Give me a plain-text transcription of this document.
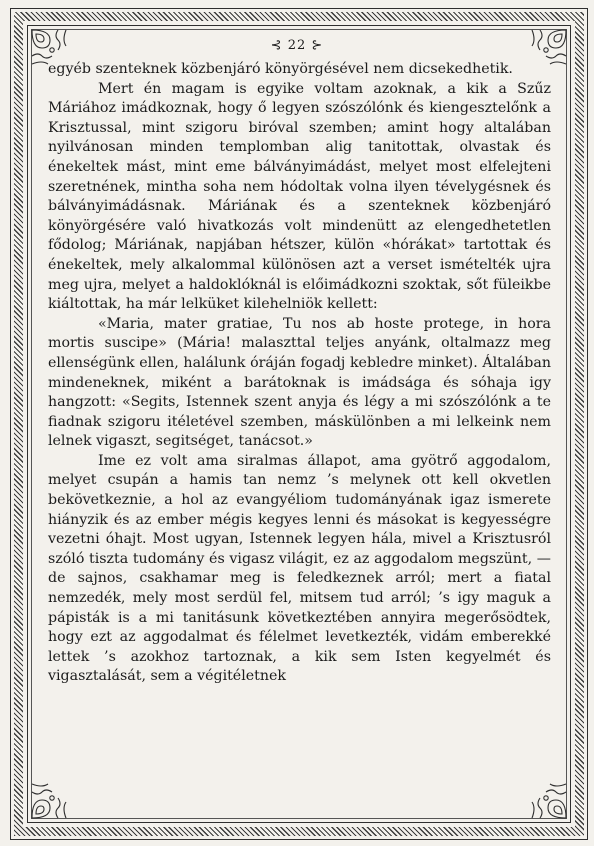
⊰ 22 ⊱

egyéb szenteknek közbenjáró könyörgésével nem dicsekedhetik.

Mert én magam is egyike voltam azoknak, a kik a Szűz Máriához imádkoznak, hogy ő legyen szószólónk és kiengesztelőnk a Krisztussal, mint szigoru biróval szemben; amint hogy altalában nyilvánosan minden templomban alig tanitottak, olvastak és énekeltek mást, mint eme bálványimádást, melyet most elfelejteni szeretnének, mintha soha nem hódoltak volna ilyen tévelygésnek és bálványimádásnak. Máriának és a szenteknek közbenjáró könyörgésére való hivatkozás volt mindenütt az elengedhetetlen fődolog; Máriának, napjában hétszer, külön «hórákat» tartottak és énekeltek, mely alkalommal különösen azt a verset ismételték ujra meg ujra, melyet a haldoklóknál is előimádkozni szoktak, sőt füleikbe kiáltottak, ha már lelküket kilehelniök kellett:

«Maria, mater gratiae, Tu nos ab hoste protege, in hora mortis suscipe» (Mária! malaszttal teljes anyánk, oltalmazz meg ellenségünk ellen, halálunk óráján fogadj kebledre minket). Általában mindeneknek, miként a barátoknak is imádsága és sóhaja igy hangzott: «Segits, Istennek szent anyja és légy a mi szószólónk a te fiadnak szigoru itéletével szemben, máskülönben a mi lelkeink nem lelnek vigaszt, segitséget, tanácsot.»

Ime ez volt ama siralmas állapot, ama gyötrő aggodalom, melyet csupán a hamis tan nemz ’s melynek ott kell okvetlen bekövetkeznie, a hol az evangyéliom tudományának igaz ismerete hiányzik és az ember mégis kegyes lenni és másokat is kegyességre vezetni óhajt. Most ugyan, Istennek legyen hála, mivel a Krisztusról szóló tiszta tudomány és vigasz világit, ez az aggodalom megszünt, — de sajnos, csakhamar meg is feledkeznek arról; mert a fiatal nemzedék, mely most serdül fel, mitsem tud arról; ’s igy maguk a pápisták is a mi tanitásunk következtében annyira megerősödtek, hogy ezt az aggodalmat és félelmet levetkezték, vidám emberekké lettek ’s azokhoz tartoznak, a kik sem Isten kegyelmét és vigasztalását, sem a végitéletnek
